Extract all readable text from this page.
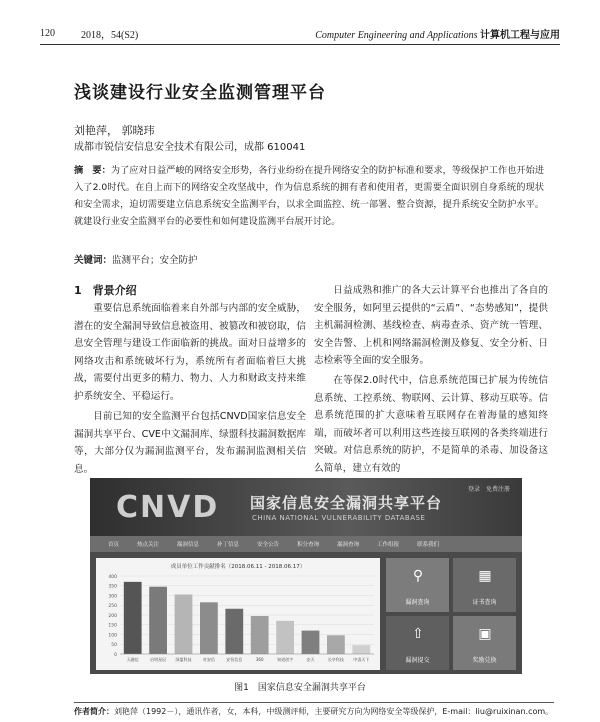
120	2018，54(S2)	Computer Engineering and Applications 计算机工程与应用
浅谈建设行业安全监测管理平台
刘艳萍， 郭晓玮
成都市锐信安信息安全技术有限公司，成都 610041
摘　要：为了应对日益严峻的网络安全形势，各行业纷纷在提升网络安全的防护标准和要求，等级保护工作也开始进入了2.0时代。在自上而下的网络安全攻坚战中，作为信息系统的拥有者和使用者，更需要全面识别自身系统的现状和安全需求，迫切需要建立信息系统安全监测平台，以求全面监控、统一部署、整合资源，提升系统安全防护水平。就建设行业安全监测平台的必要性和如何建设监测平台展开讨论。
关键词：监测平台；安全防护
1　背景介绍

重要信息系统面临着来自外部与内部的安全威胁，潜在的安全漏洞导致信息被盗用、被篡改和被窃取，信息安全管理与建设工作面临新的挑战。面对日益增多的网络攻击和系统破坏行为，系统所有者面临着巨大挑战，需要付出更多的精力、物力、人力和财政支持来维护系统安全、平稳运行。

目前已知的安全监测平台包括CNVD国家信息安全漏洞共享平台、CVE中文漏洞库、绿盟科技漏洞数据库等，大部分仅为漏洞监测平台，发布漏洞监测相关信息。

日益成熟和推广的各大云计算平台也推出了各自的安全服务，如阿里云提供的“云盾”、“态势感知”，提供主机漏洞检测、基线检查、病毒查杀、资产统一管理、安全告警、上机和网络漏洞检测及修复、安全分析、日志检索等全面的安全服务。

在等保2.0时代中，信息系统范围已扩展为传统信息系统、工控系统、物联网、云计算、移动互联等。信息系统范围的扩大意味着互联网存在着海量的感知终端，而破坏者可以利用这些连接互联网的各类终端进行突破。对信息系统的防护，不是简单的杀毒、加设备这么简单，建立有效的

CNVD 国家信息安全漏洞共享平台
CHINA NATIONAL VULNERABILITY DATABASE
登录　免费注册
首页	热点关注	漏洞信息	补丁信息	安全公告	积分查询	漏洞查询	工作组报	联系我们
成员单位工作贡献排名（2018.06.11 - 2018.06.17）
0
50
100
150
200
250
300
350
400
天融信	启明星辰 绿盟科技	奇安信	安恒信息	360	知道创宇	安天	长亭科技 中睿天下
⚲
漏洞查询
▦
证书查询
⇧
漏洞提交
▣
奖励兑换
图1　国家信息安全漏洞共享平台
作者简介：刘艳萍（1992－），通讯作者，女，本科，中级测评师，主要研究方向为网络安全等级保护，E-mail：liu@ruixinan.com。
